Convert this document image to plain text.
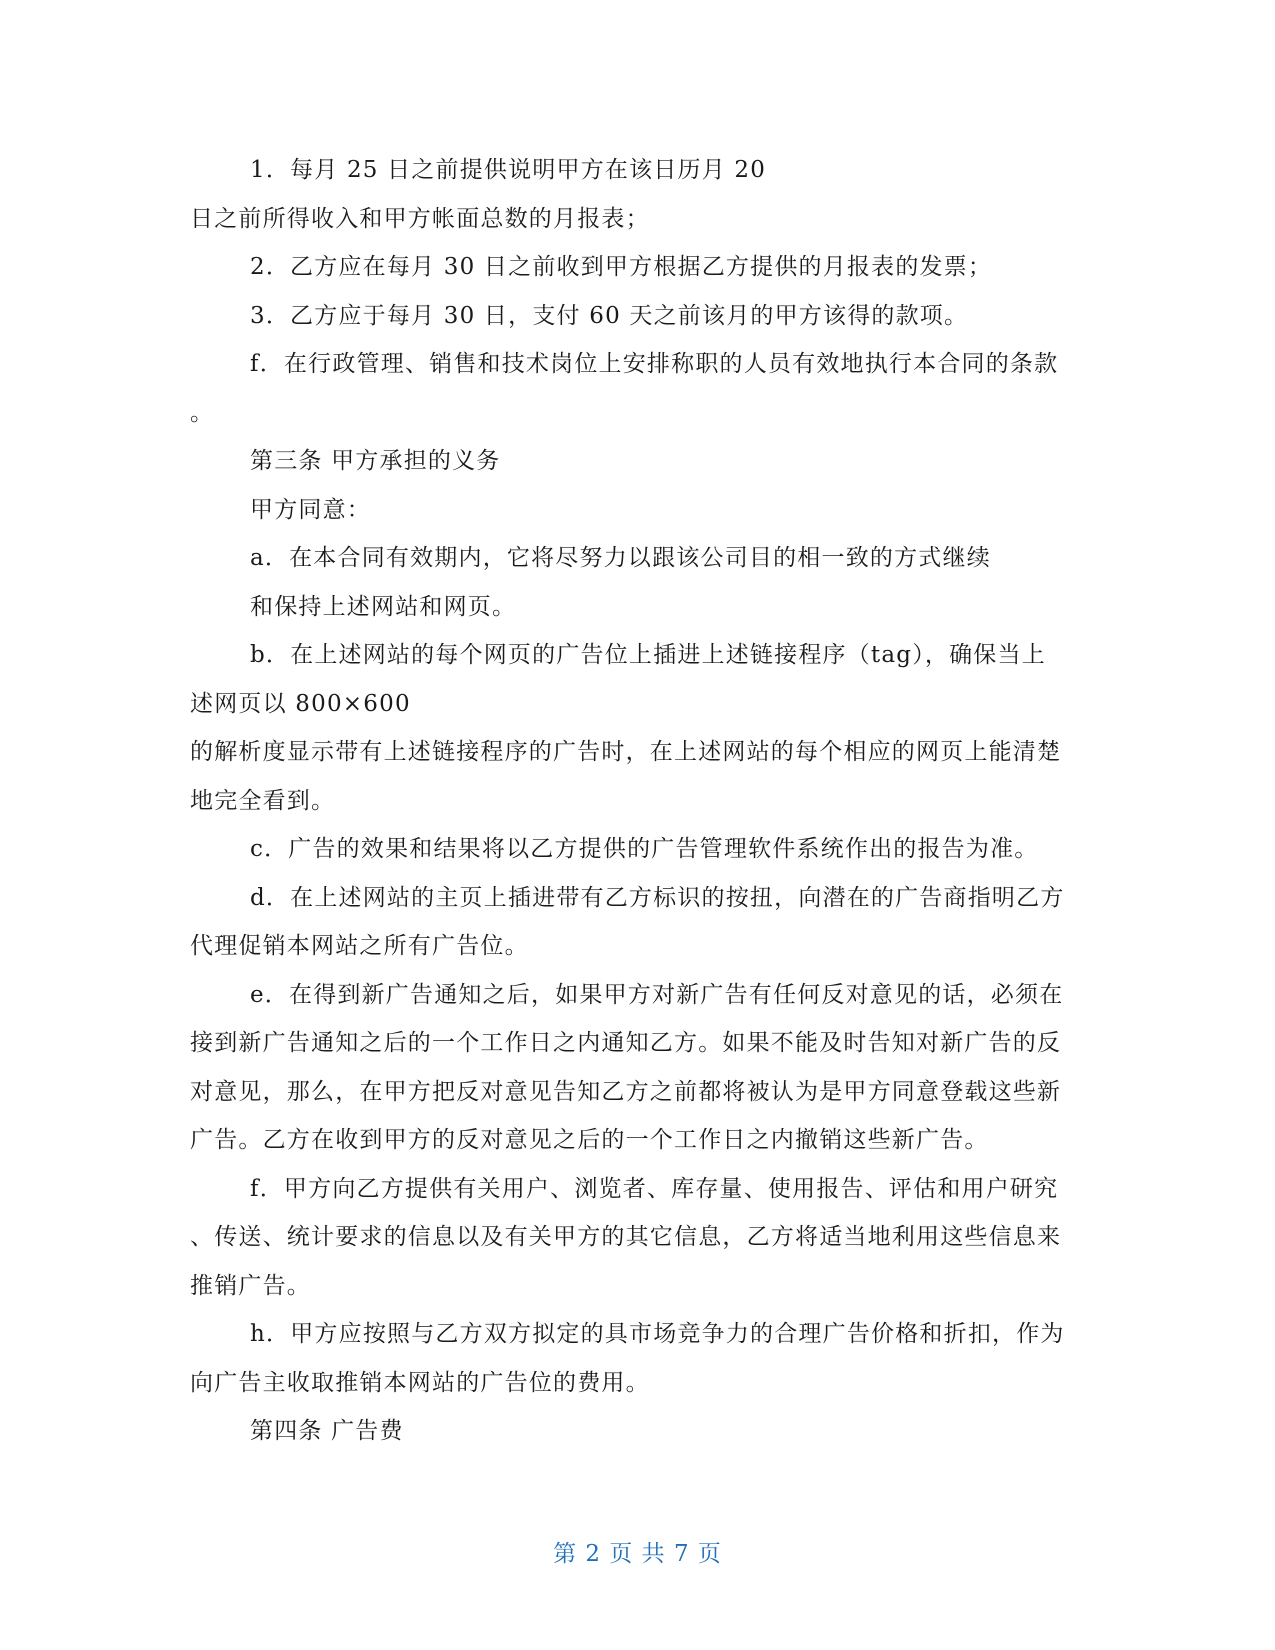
1．每月 25 日之前提供说明甲方在该日历月 20
日之前所得收入和甲方帐面总数的月报表；
2．乙方应在每月 30 日之前收到甲方根据乙方提供的月报表的发票；
3．乙方应于每月 30 日，支付 60 天之前该月的甲方该得的款项。
f．在行政管理、销售和技术岗位上安排称职的人员有效地执行本合同的条款
。
第三条 甲方承担的义务
甲方同意：
a．在本合同有效期内，它将尽努力以跟该公司目的相一致的方式继续
和保持上述网站和网页。
b．在上述网站的每个网页的广告位上插进上述链接程序（tag），确保当上
述网页以 800×600
的解析度显示带有上述链接程序的广告时，在上述网站的每个相应的网页上能清楚
地完全看到。
c．广告的效果和结果将以乙方提供的广告管理软件系统作出的报告为准。
d．在上述网站的主页上插进带有乙方标识的按扭，向潜在的广告商指明乙方
代理促销本网站之所有广告位。
e．在得到新广告通知之后，如果甲方对新广告有任何反对意见的话，必须在
接到新广告通知之后的一个工作日之内通知乙方。如果不能及时告知对新广告的反
对意见，那么，在甲方把反对意见告知乙方之前都将被认为是甲方同意登载这些新
广告。乙方在收到甲方的反对意见之后的一个工作日之内撤销这些新广告。
f．甲方向乙方提供有关用户、浏览者、库存量、使用报告、评估和用户研究
、传送、统计要求的信息以及有关甲方的其它信息，乙方将适当地利用这些信息来
推销广告。
h．甲方应按照与乙方双方拟定的具市场竞争力的合理广告价格和折扣，作为
向广告主收取推销本网站的广告位的费用。
第四条 广告费
第 2 页 共 7 页
